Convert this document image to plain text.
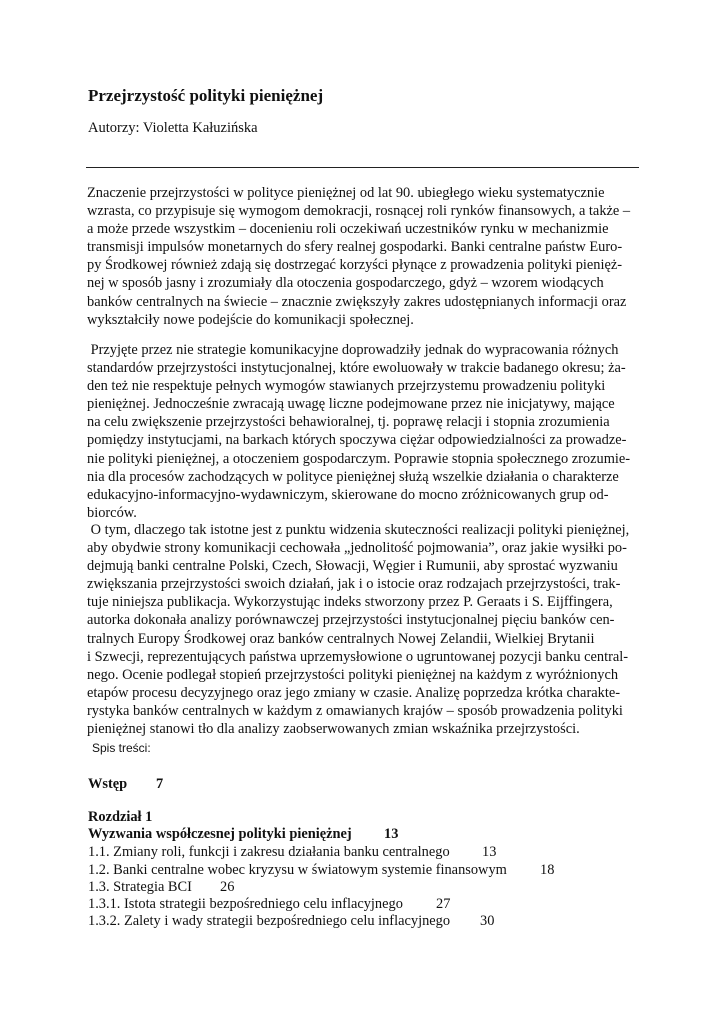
Przejrzystość polityki pieniężnej
Autorzy: Violetta Kałuzińska
Znaczenie przejrzystości w polityce pieniężnej od lat 90. ubiegłego wieku systematycznie
wzrasta, co przypisuje się wymogom demokracji, rosnącej roli rynków finansowych, a także –
a może przede wszystkim – docenieniu roli oczekiwań uczestników rynku w mechanizmie
transmisji impulsów monetarnych do sfery realnej gospodarki. Banki centralne państw Euro-
py Środkowej również zdają się dostrzegać korzyści płynące z prowadzenia polityki pienięż-
nej w sposób jasny i zrozumiały dla otoczenia gospodarczego, gdyż – wzorem wiodących
banków centralnych na świecie – znacznie zwiększyły zakres udostępnianych informacji oraz
wykształciły nowe podejście do komunikacji społecznej.
Przyjęte przez nie strategie komunikacyjne doprowadziły jednak do wypracowania różnych
standardów przejrzystości instytucjonalnej, które ewoluowały w trakcie badanego okresu; ża-
den też nie respektuje pełnych wymogów stawianych przejrzystemu prowadzeniu polityki
pieniężnej. Jednocześnie zwracają uwagę liczne podejmowane przez nie inicjatywy, mające
na celu zwiększenie przejrzystości behawioralnej, tj. poprawę relacji i stopnia zrozumienia
pomiędzy instytucjami, na barkach których spoczywa ciężar odpowiedzialności za prowadze-
nie polityki pieniężnej, a otoczeniem gospodarczym. Poprawie stopnia społecznego zrozumie-
nia dla procesów zachodzących w polityce pieniężnej służą wszelkie działania o charakterze
edukacyjno-informacyjno-wydawniczym, skierowane do mocno zróżnicowanych grup od-
biorców.
O tym, dlaczego tak istotne jest z punktu widzenia skuteczności realizacji polityki pieniężnej,
aby obydwie strony komunikacji cechowała „jednolitość pojmowania”, oraz jakie wysiłki po-
dejmują banki centralne Polski, Czech, Słowacji, Węgier i Rumunii, aby sprostać wyzwaniu
zwiększania przejrzystości swoich działań, jak i o istocie oraz rodzajach przejrzystości, trak-
tuje niniejsza publikacja. Wykorzystując indeks stworzony przez P. Geraats i S. Eijffingera,
autorka dokonała analizy porównawczej przejrzystości instytucjonalnej pięciu banków cen-
tralnych Europy Środkowej oraz banków centralnych Nowej Zelandii, Wielkiej Brytanii
i Szwecji, reprezentujących państwa uprzemysłowione o ugruntowanej pozycji banku central-
nego. Ocenie podlegał stopień przejrzystości polityki pieniężnej na każdym z wyróżnionych
etapów procesu decyzyjnego oraz jego zmiany w czasie. Analizę poprzedza krótka charakte-
rystyka banków centralnych w każdym z omawianych krajów – sposób prowadzenia polityki
pieniężnej stanowi tło dla analizy zaobserwowanych zmian wskaźnika przejrzystości.
Spis treści:
Wstęp 7
Rozdział 1
Wyzwania współczesnej polityki pieniężnej 13
1.1. Zmiany roli, funkcji i zakresu działania banku centralnego 13
1.2. Banki centralne wobec kryzysu w światowym systemie finansowym 18
1.3. Strategia BCI 26
1.3.1. Istota strategii bezpośredniego celu inflacyjnego 27
1.3.2. Zalety i wady strategii bezpośredniego celu inflacyjnego 30
